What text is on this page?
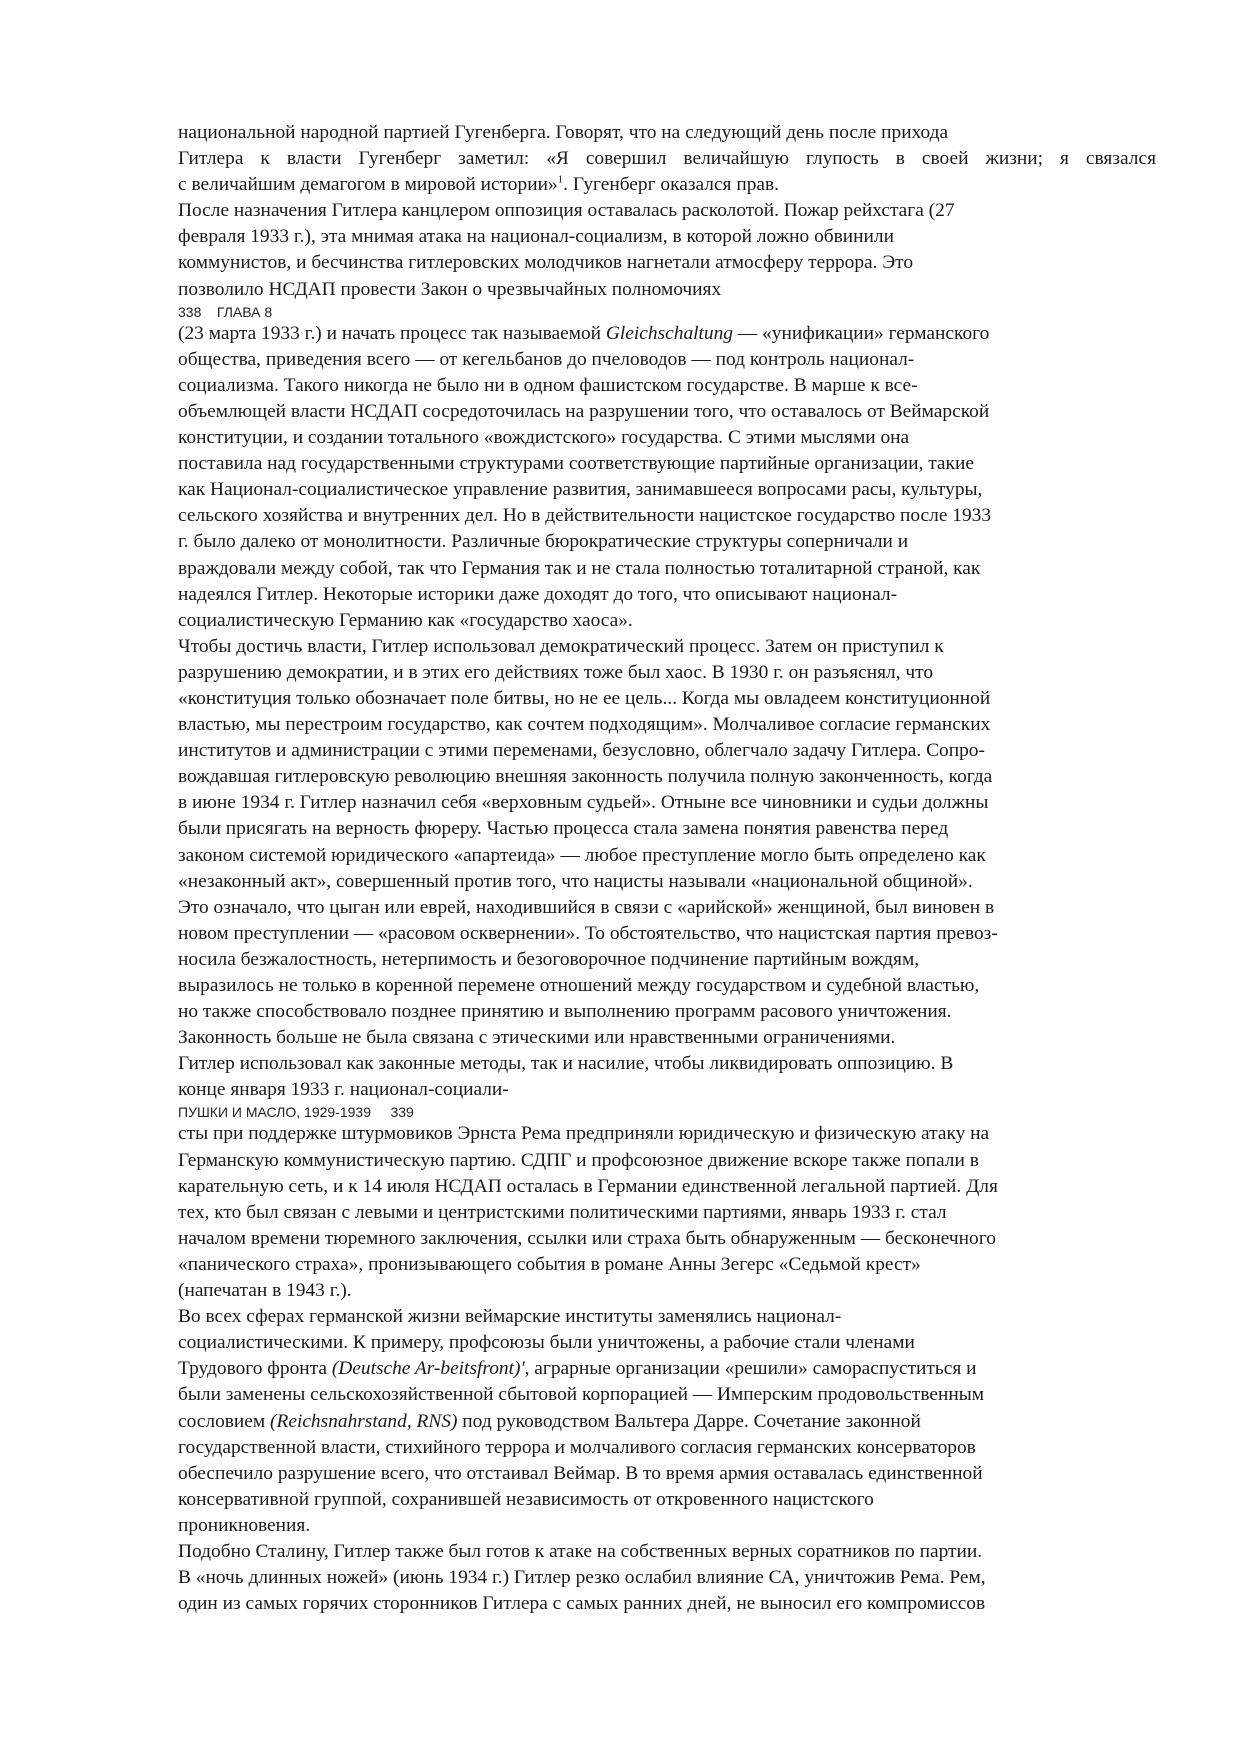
национальной народной партией Гугенберга. Говорят, что на следующий день после прихода
Гитлера к власти Гугенберг заметил: «Я совершил величайшую глупость в своей жизни; я связался
с величайшим демагогом в мировой истории»$^1$. Гугенберг оказался прав.

После назначения Гитлера канцлером оппозиция оставалась расколотой. Пожар рейхстага (27
февраля 1933 г.), эта мнимая атака на национал-социализм, в которой ложно обвинили
коммунистов, и бесчинства гитлеровских молодчиков нагнетали атмосферу террора. Это
позволило НСДАП провести Закон о чрезвычайных полномочиях

338 ГЛАВА 8

(23 марта 1933 г.) и начать процесс так называемой Gleichschaltung — «унификации» германского
общества, приведения всего — от кегельбанов до пчеловодов — под контроль национал-
социализма. Такого никогда не было ни в одном фашистском государстве. В марше к все-
объемлющей власти НСДАП сосредоточилась на разрушении того, что оставалось от Веймарской
конституции, и создании тотального «вождистского» государства. С этими мыслями она
поставила над государственными структурами соответствующие партийные организации, такие
как Национал-социалистическое управление развития, занимавшееся вопросами расы, культуры,
сельского хозяйства и внутренних дел. Но в действительности нацистское государство после 1933
г. было далеко от монолитности. Различные бюрократические структуры соперничали и
враждовали между собой, так что Германия так и не стала полностью тоталитарной страной, как
надеялся Гитлер. Некоторые историки даже доходят до того, что описывают национал-
социалистическую Германию как «государство хаоса».

Чтобы достичь власти, Гитлер использовал демократический процесс. Затем он приступил к
разрушению демократии, и в этих его действиях тоже был хаос. В 1930 г. он разъяснял, что
«конституция только обозначает поле битвы, но не ее цель... Когда мы овладеем конституционной
властью, мы перестроим государство, как сочтем подходящим». Молчаливое согласие германских
институтов и администрации с этими переменами, безусловно, облегчало задачу Гитлера. Сопро-
вождавшая гитлеровскую революцию внешняя законность получила полную законченность, когда
в июне 1934 г. Гитлер назначил себя «верховным судьей». Отныне все чиновники и судьи должны
были присягать на верность фюреру. Частью процесса стала замена понятия равенства перед
законом системой юридического «апартеида» — любое преступление могло быть определено как
«незаконный акт», совершенный против того, что нацисты называли «национальной общиной».
Это означало, что цыган или еврей, находившийся в связи с «арийской» женщиной, был виновен в
новом преступлении — «расовом осквернении». То обстоятельство, что нацистская партия превоз-
носила безжалостность, нетерпимость и безоговорочное подчинение партийным вождям,
выразилось не только в коренной перемене отношений между государством и судебной властью,
но также способствовало позднее принятию и выполнению программ расового уничтожения.
Законность больше не была связана с этическими или нравственными ограничениями.

Гитлер использовал как законные методы, так и насилие, чтобы ликвидировать оппозицию. В
конце января 1933 г. национал-социали-

ПУШКИ И МАСЛО, 1929-1939 339

сты при поддержке штурмовиков Эрнста Рема предприняли юридическую и физическую атаку на
Германскую коммунистическую партию. СДПГ и профсоюзное движение вскоре также попали в
карательную сеть, и к 14 июля НСДАП осталась в Германии единственной легальной партией. Для
тех, кто был связан с левыми и центристскими политическими партиями, январь 1933 г. стал
началом времени тюремного заключения, ссылки или страха быть обнаруженным — бесконечного
«панического страха», пронизывающего события в романе Анны Зегерс «Седьмой крест»
(напечатан в 1943 г.).

Во всех сферах германской жизни веймарские институты заменялись национал-
социалистическими. К примеру, профсоюзы были уничтожены, а рабочие стали членами
Трудового фронта (Deutsche Ar-beitsfront)', аграрные организации «решили» самораспуститься и
были заменены сельскохозяйственной сбытовой корпорацией — Имперским продовольственным
сословием (Reichsnahrstand, RNS) под руководством Вальтера Дарре. Сочетание законной
государственной власти, стихийного террора и молчаливого согласия германских консерваторов
обеспечило разрушение всего, что отстаивал Веймар. В то время армия оставалась единственной
консервативной группой, сохранившей независимость от откровенного нацистского
проникновения.

Подобно Сталину, Гитлер также был готов к атаке на собственных верных соратников по партии.
В «ночь длинных ножей» (июнь 1934 г.) Гитлер резко ослабил влияние СА, уничтожив Рема. Рем,
один из самых горячих сторонников Гитлера с самых ранних дней, не выносил его компромиссов
